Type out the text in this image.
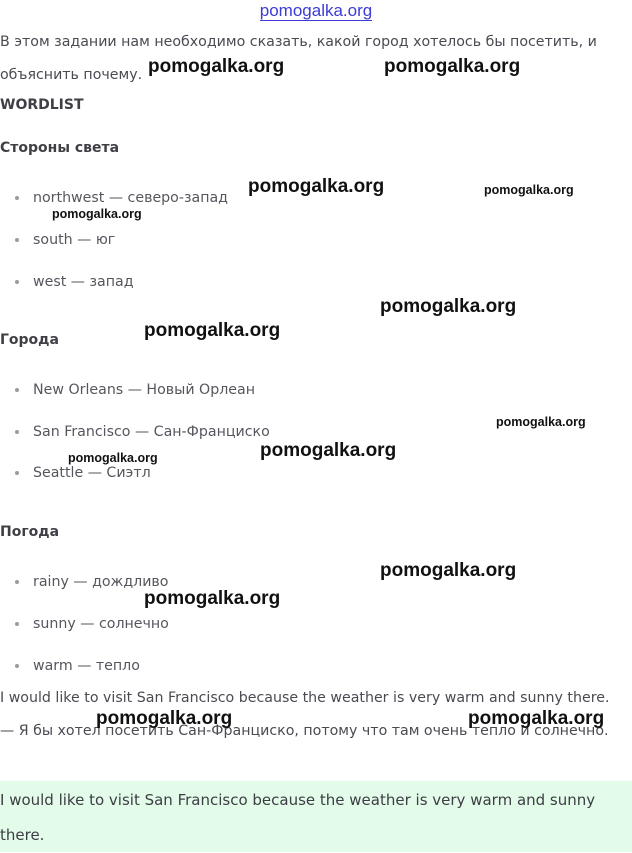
pomogalka.org
В этом задании нам необходимо сказать, какой город хотелось бы посетить, и объяснить почему.
WORDLIST
Стороны света
northwest — северо-запад
south — юг
west — запад
Города
New Orleans — Новый Орлеан
San Francisco — Сан-Франциско
Seattle — Сиэтл
Погода
rainy — дождливо
sunny — солнечно
warm — тепло
I would like to visit San Francisco because the weather is very warm and sunny there. — Я бы хотел посетить Сан-Франциско, потому что там очень тепло и солнечно.

I would like to visit San Francisco because the weather is very warm and sunny there.

pomogalka.org	pomogalka.org
pomogalka.org	pomogalka.org
pomogalka.org
pomogalka.org
pomogalka.org
pomogalka.org
pomogalka.org
pomogalka.org
pomogalka.org
pomogalka.org
pomogalka.org	pomogalka.org
